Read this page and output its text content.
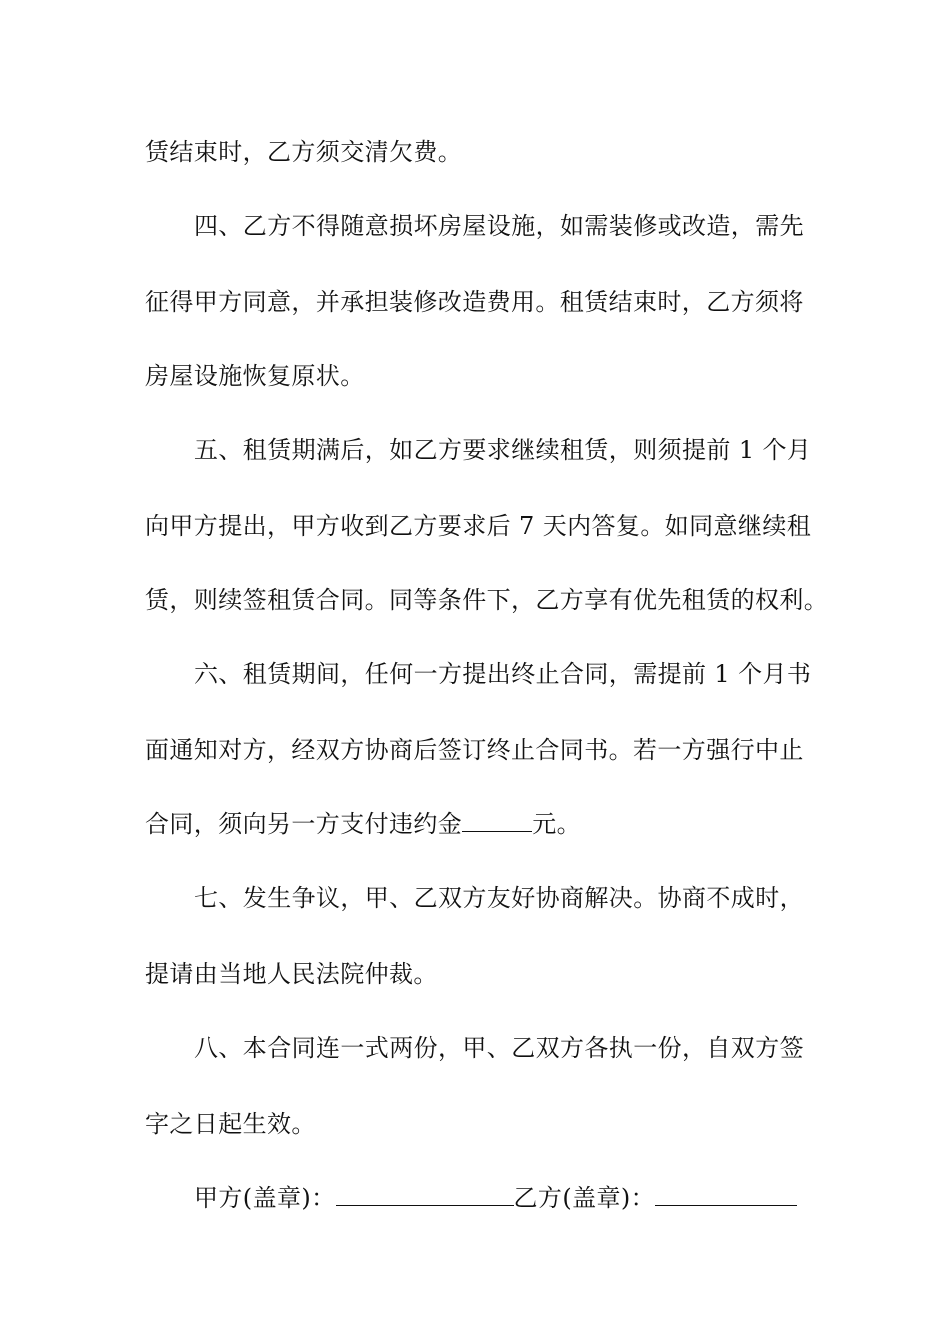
赁结束时，乙方须交清欠费。
四、乙方不得随意损坏房屋设施，如需装修或改造，需先
征得甲方同意，并承担装修改造费用。租赁结束时，乙方须将
房屋设施恢复原状。
五、租赁期满后，如乙方要求继续租赁，则须提前 1 个月
向甲方提出，甲方收到乙方要求后 7 天内答复。如同意继续租
赁，则续签租赁合同。同等条件下，乙方享有优先租赁的权利。
六、租赁期间，任何一方提出终止合同，需提前 1 个月书
面通知对方，经双方协商后签订终止合同书。若一方强行中止
合同，须向另一方支付违约金	元。
七、发生争议，甲、乙双方友好协商解决。协商不成时，
提请由当地人民法院仲裁。
八、本合同连一式两份，甲、乙双方各执一份，自双方签
字之日起生效。
甲方(盖章)：	乙方(盖章)：
